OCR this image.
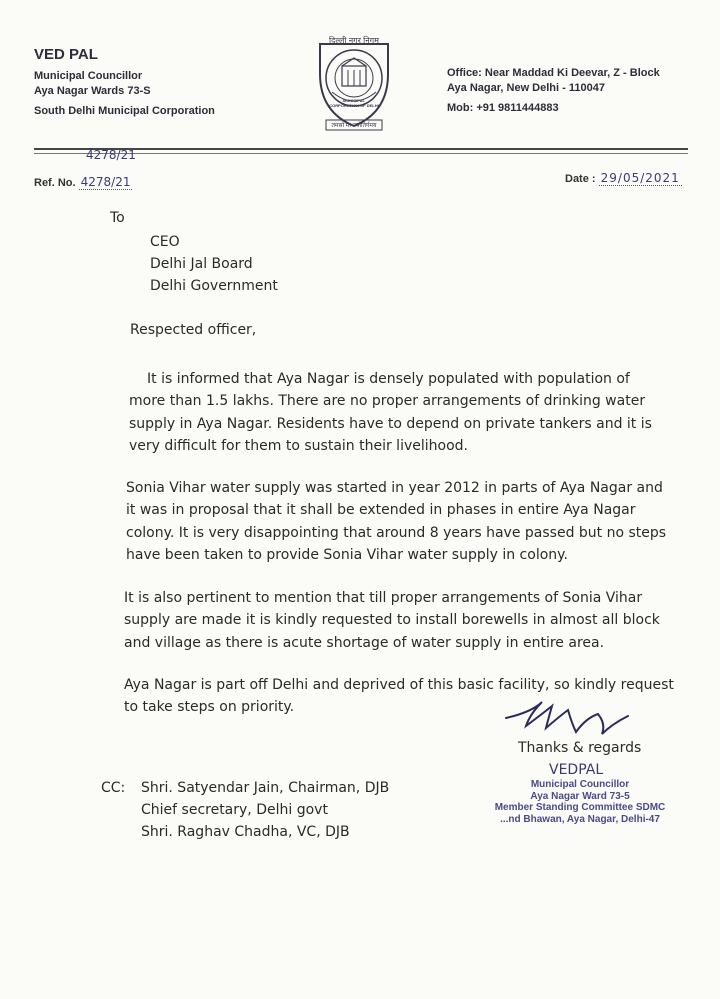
VED PAL
Municipal Councillor
Aya Nagar Wards 73-S
South Delhi Municipal Corporation
दिल्ली नगर निगम
MUNICIPAL CORPORATION OF DELHI
तमसो मा ज्योतिर्गमय
Office: Near Maddad Ki Deevar, Z - Block
Aya Nagar, New Delhi - 110047
Mob: +91 9811444883
4278/21
Ref. No. 4278/21	Date : 29/05/2021
To
CEO
Delhi Jal Board
Delhi Government
Respected officer,
It is informed that Aya Nagar is densely populated with population of
more than 1.5 lakhs. There are no proper arrangements of drinking water
supply in Aya Nagar. Residents have to depend on private tankers and it is
very difficult for them to sustain their livelihood.
Sonia Vihar water supply was started in year 2012 in parts of Aya Nagar and
it was in proposal that it shall be extended in phases in entire Aya Nagar
colony. It is very disappointing that around 8 years have passed but no steps
have been taken to provide Sonia Vihar water supply in colony.
It is also pertinent to mention that till proper arrangements of Sonia Vihar
supply are made it is kindly requested to install borewells in almost all block
and village as there is acute shortage of water supply in entire area.
Aya Nagar is part off Delhi and deprived of this basic facility, so kindly request
to take steps on priority.
Thanks & regards
VEDPAL
Municipal Councillor
Aya Nagar Ward 73-5
Member Standing Committee SDMC
...nd Bhawan, Aya Nagar, Delhi-47
CC: Shri. Satyendar Jain, Chairman, DJB
Chief secretary, Delhi govt
Shri. Raghav Chadha, VC, DJB
